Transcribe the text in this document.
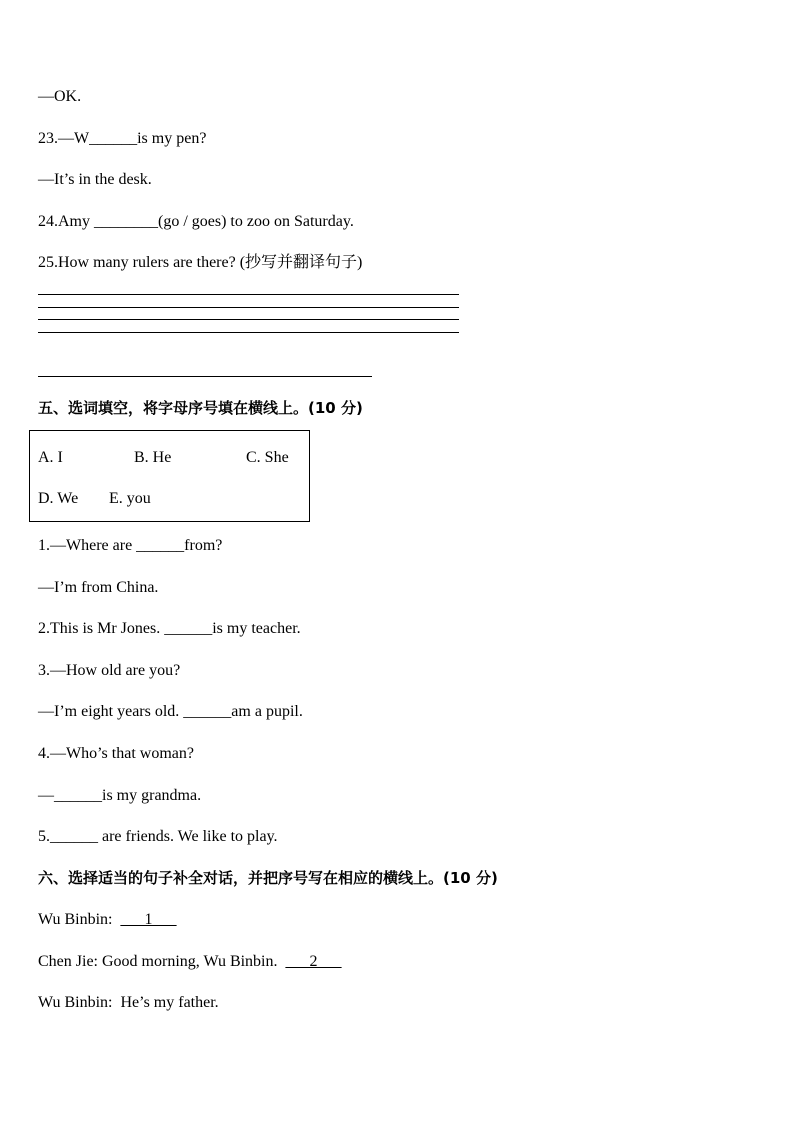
—OK.
23.—W______is my pen?
—It’s in the desk.
24.Amy ________(go / goes) to zoo on Saturday.
25.How many rulers are there? (抄写并翻译句子)
五、选词填空，将字母序号填在横线上。(10 分)
A. I	B. He	C. She
D. We E. you
1.—Where are ______from?
—I’m from China.
2.This is Mr Jones. ______is my teacher.
3.—How old are you?
—I’m eight years old. ______am a pupil.
4.—Who’s that woman?
—______is my grandma.
5.______ are friends. We like to play.
六、选择适当的句子补全对话，并把序号写在相应的横线上。(10 分)
Wu Binbin:  ___1___
Chen Jie: Good morning, Wu Binbin.  ___2___
Wu Binbin:  He’s my father.
